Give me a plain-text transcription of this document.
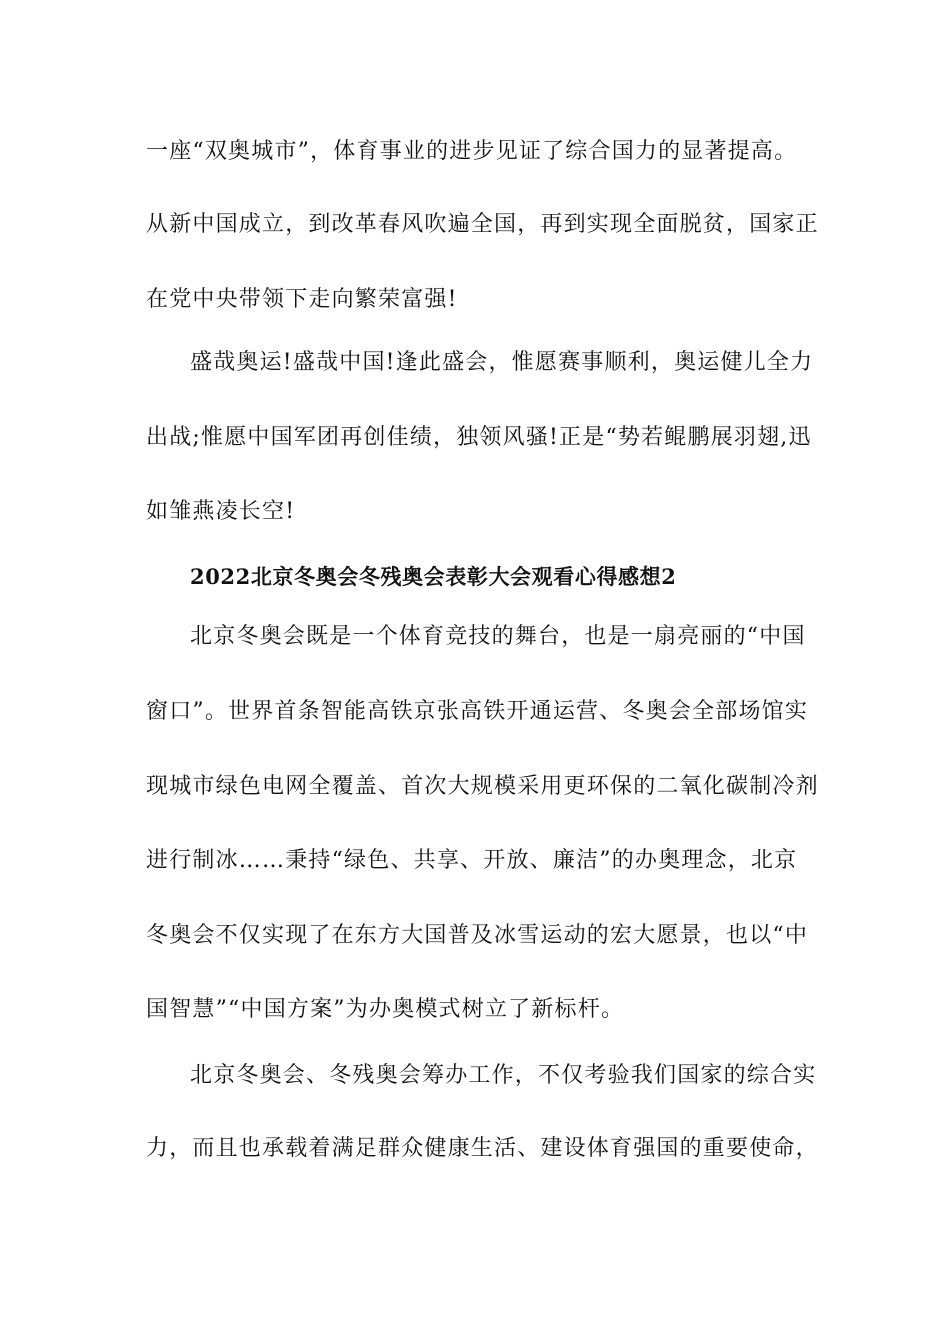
一座“双奥城市”，体育事业的进步见证了综合国力的显著提高。
从新中国成立，到改革春风吹遍全国，再到实现全面脱贫，国家正
在党中央带领下走向繁荣富强!
盛哉奥运!盛哉中国!逢此盛会，惟愿赛事顺利，奥运健儿全力
出战;惟愿中国军团再创佳绩，独领风骚!正是“势若鲲鹏展羽翅,迅
如雏燕凌长空!
2022北京冬奥会冬残奥会表彰大会观看心得感想2
北京冬奥会既是一个体育竞技的舞台，也是一扇亮丽的“中国
窗口”。世界首条智能高铁京张高铁开通运营、冬奥会全部场馆实
现城市绿色电网全覆盖、首次大规模采用更环保的二氧化碳制冷剂
进行制冰……秉持“绿色、共享、开放、廉洁”的办奥理念，北京
冬奥会不仅实现了在东方大国普及冰雪运动的宏大愿景，也以“中
国智慧”“中国方案”为办奥模式树立了新标杆。
北京冬奥会、冬残奥会筹办工作，不仅考验我们国家的综合实
力，而且也承载着满足群众健康生活、建设体育强国的重要使命，
